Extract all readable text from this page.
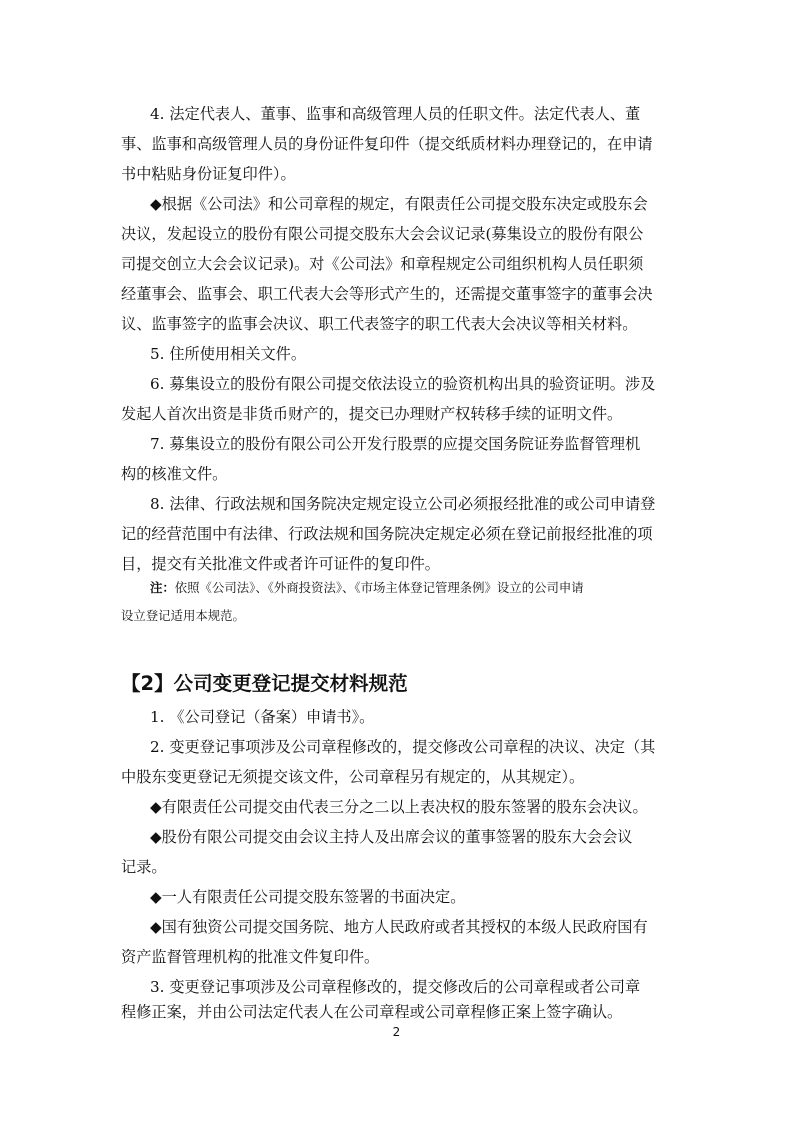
4. 法定代表人、董事、监事和高级管理人员的任职文件。法定代表人、董
事、监事和高级管理人员的身份证件复印件（提交纸质材料办理登记的，在申请
书中粘贴身份证复印件）。
◆根据《公司法》和公司章程的规定，有限责任公司提交股东决定或股东会
决议，发起设立的股份有限公司提交股东大会会议记录(募集设立的股份有限公
司提交创立大会会议记录)。对《公司法》和章程规定公司组织机构人员任职须
经董事会、监事会、职工代表大会等形式产生的，还需提交董事签字的董事会决
议、监事签字的监事会决议、职工代表签字的职工代表大会决议等相关材料。
5. 住所使用相关文件。
6. 募集设立的股份有限公司提交依法设立的验资机构出具的验资证明。涉及
发起人首次出资是非货币财产的，提交已办理财产权转移手续的证明文件。
7. 募集设立的股份有限公司公开发行股票的应提交国务院证券监督管理机
构的核准文件。
8. 法律、行政法规和国务院决定规定设立公司必须报经批准的或公司申请登
记的经营范围中有法律、行政法规和国务院决定规定必须在登记前报经批准的项
目，提交有关批准文件或者许可证件的复印件。
注：依照《公司法》、《外商投资法》、《市场主体登记管理条例》设立的公司申请
设立登记适用本规范。
【2】公司变更登记提交材料规范
1. 《公司登记（备案）申请书》。
2. 变更登记事项涉及公司章程修改的，提交修改公司章程的决议、决定（其
中股东变更登记无须提交该文件，公司章程另有规定的，从其规定）。
◆有限责任公司提交由代表三分之二以上表决权的股东签署的股东会决议。
◆股份有限公司提交由会议主持人及出席会议的董事签署的股东大会会议
记录。
◆一人有限责任公司提交股东签署的书面决定。
◆国有独资公司提交国务院、地方人民政府或者其授权的本级人民政府国有
资产监督管理机构的批准文件复印件。
3. 变更登记事项涉及公司章程修改的，提交修改后的公司章程或者公司章
程修正案，并由公司法定代表人在公司章程或公司章程修正案上签字确认。
2
